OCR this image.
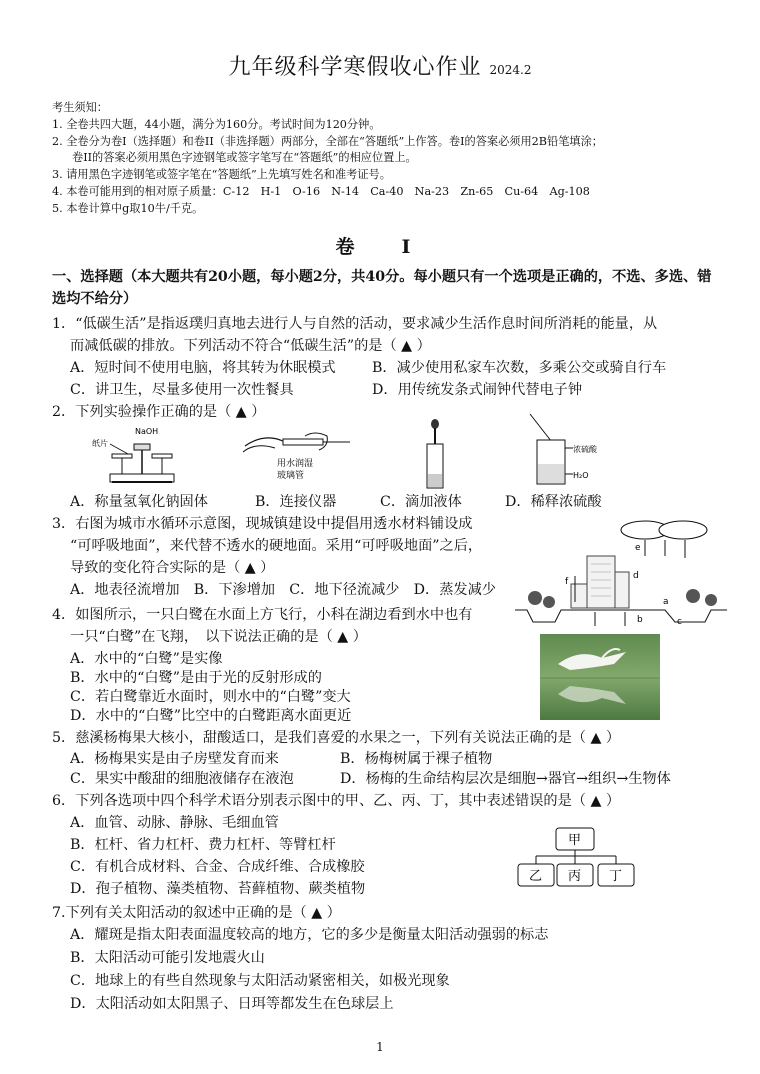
九年级科学寒假收心作业 2024.2
考生须知：
1. 全卷共四大题，44小题，满分为160分。考试时间为120分钟。
2. 全卷分为卷I（选择题）和卷II（非选择题）两部分，全部在“答题纸”上作答。卷I的答案必须用2B铅笔填涂；
卷II的答案必须用黑色字迹钢笔或签字笔写在“答题纸”的相应位置上。
3. 请用黑色字迹钢笔或签字笔在“答题纸”上先填写姓名和准考证号。
4. 本卷可能用到的相对原子质量：C-12　H-1　O-16　N-14　Ca-40　Na-23　Zn-65　Cu-64　Ag-108
5. 本卷计算中g取10牛/千克。
卷　I
一、选择题（本大题共有20小题，每小题2分，共40分。每小题只有一个选项是正确的，不选、多选、错选均不给分）
1．“低碳生活”是指返璞归真地去进行人与自然的活动，要求减少生活作息时间所消耗的能量，从
而减低碳的排放。下列活动不符合“低碳生活”的是（ ▲ ）
A．短时间不使用电脑，将其转为休眠模式	B．减少使用私家车次数，多乘公交或骑自行车
C．讲卫生，尽量多使用一次性餐具	D．用传统发条式闹钟代替电子钟
2．下列实验操作正确的是（ ▲ ）
NaOH
纸片
用水润湿
玻璃管
浓硫酸
H₂O
A．称量氢氧化钠固体	B．连接仪器	C．滴加液体	D．稀释浓硫酸
3．右图为城市水循环示意图，现城镇建设中提倡用透水材料铺设成
“可呼吸地面”，来代替不透水的硬地面。采用“可呼吸地面”之后，
导致的变化符合实际的是（ ▲ ）
A．地表径流增加　B．下渗增加　C．地下径流减少　D．蒸发减少
e
f
d
a
b	c
4．如图所示，一只白鹭在水面上方飞行，小科在湖边看到水中也有
一只“白鹭”在飞翔，　以下说法正确的是（ ▲ ）
A．水中的“白鹭”是实像
B．水中的“白鹭”是由于光的反射形成的
C．若白鹭靠近水面时，则水中的“白鹭”变大
D．水中的“白鹭”比空中的白鹭距离水面更近
5．慈溪杨梅果大核小，甜酸适口，是我们喜爱的水果之一，下列有关说法正确的是（ ▲ ）
A．杨梅果实是由子房壁发育而来	B．杨梅树属于裸子植物
C．果实中酸甜的细胞液储存在液泡	D．杨梅的生命结构层次是细胞→器官→组织→生物体
6．下列各选项中四个科学术语分别表示图中的甲、乙、丙、丁，其中表述错误的是（ ▲ ）
A．血管、动脉、静脉、毛细血管
B．杠杆、省力杠杆、费力杠杆、等臂杠杆
C．有机合成材料、合金、合成纤维、合成橡胶
D．孢子植物、藻类植物、苔藓植物、蕨类植物
甲
乙 丙 丁
7.下列有关太阳活动的叙述中正确的是（ ▲ ）
A．耀斑是指太阳表面温度较高的地方，它的多少是衡量太阳活动强弱的标志
B．太阳活动可能引发地震火山
C．地球上的有些自然现象与太阳活动紧密相关，如极光现象
D．太阳活动如太阳黑子、日珥等都发生在色球层上
1
